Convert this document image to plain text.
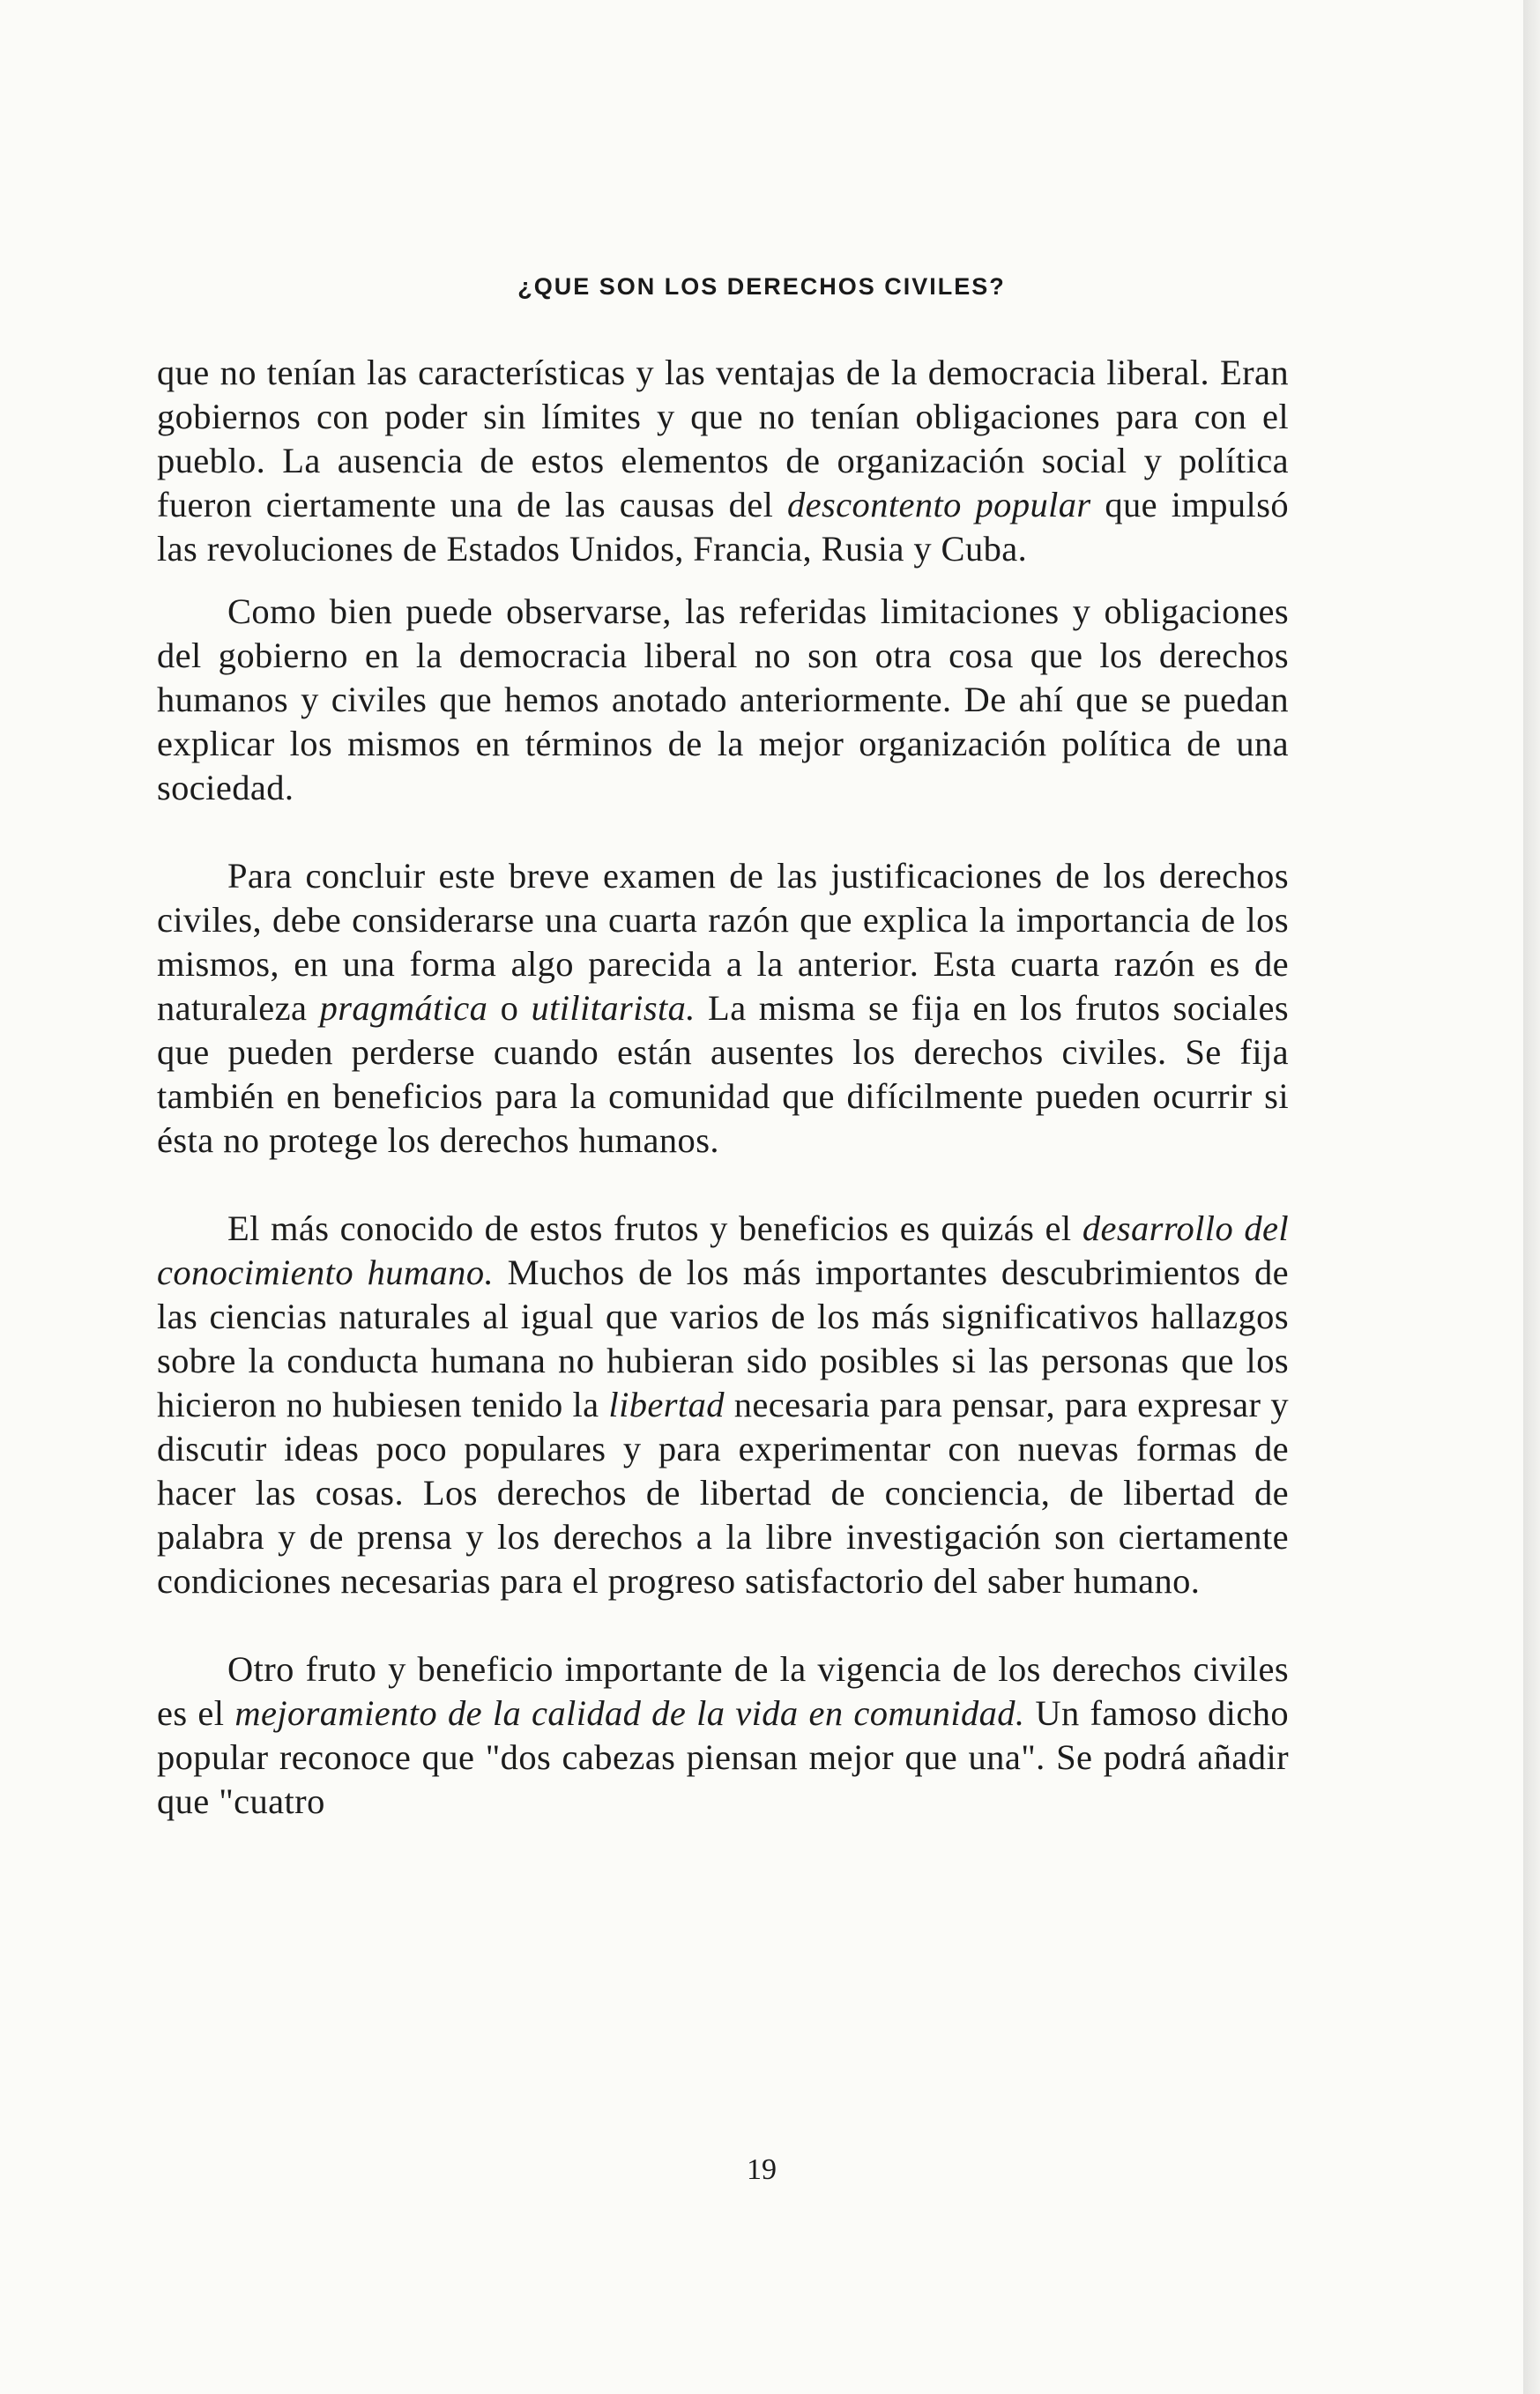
¿QUE SON LOS DERECHOS CIVILES?

que no tenían las características y las ventajas de la democracia liberal. Eran gobiernos con poder sin límites y que no tenían obligaciones para con el pueblo. La ausencia de estos elementos de organización social y política fueron ciertamente una de las causas del descontento popular que impulsó las revoluciones de Estados Unidos, Francia, Rusia y Cuba.

Como bien puede observarse, las referidas limitaciones y obligaciones del gobierno en la democracia liberal no son otra cosa que los derechos humanos y civiles que hemos anotado anteriormente. De ahí que se puedan explicar los mismos en términos de la mejor organización política de una sociedad.

Para concluir este breve examen de las justificaciones de los derechos civiles, debe considerarse una cuarta razón que explica la importancia de los mismos, en una forma algo parecida a la anterior. Esta cuarta razón es de naturaleza pragmática o utilitarista. La misma se fija en los frutos sociales que pueden perderse cuando están ausentes los derechos civiles. Se fija también en beneficios para la comunidad que difícilmente pueden ocurrir si ésta no protege los derechos humanos.

El más conocido de estos frutos y beneficios es quizás el desarrollo del conocimiento humano. Muchos de los más importantes descubrimientos de las ciencias naturales al igual que varios de los más significativos hallazgos sobre la conducta humana no hubieran sido posibles si las personas que los hicieron no hubiesen tenido la libertad necesaria para pensar, para expresar y discutir ideas poco populares y para experimentar con nuevas formas de hacer las cosas. Los derechos de libertad de conciencia, de libertad de palabra y de prensa y los derechos a la libre investigación son ciertamente condiciones necesarias para el progreso satisfactorio del saber humano.

Otro fruto y beneficio importante de la vigencia de los derechos civiles es el mejoramiento de la calidad de la vida en comunidad. Un famoso dicho popular reconoce que "dos cabezas piensan mejor que una". Se podrá añadir que "cuatro

19
